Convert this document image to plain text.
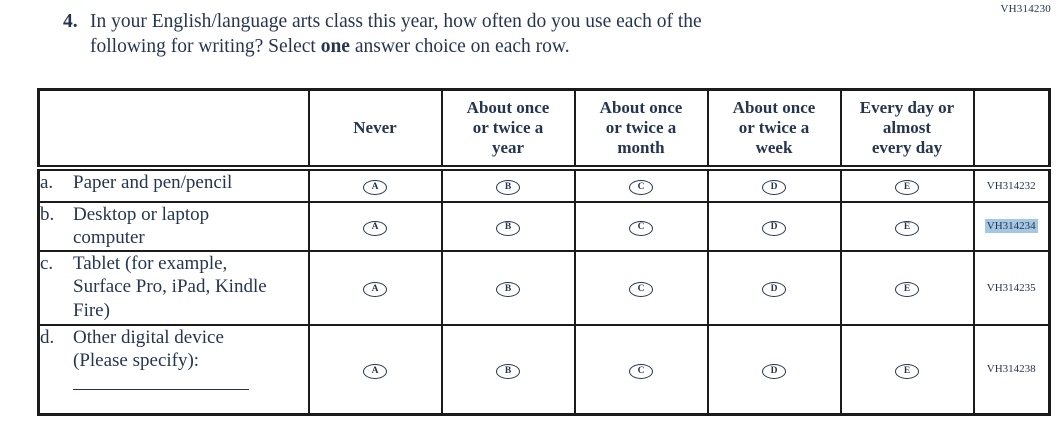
VH314230
4. In your English/language arts class this year, how often do you use each of the
following for writing? Select one answer choice on each row.
	Never	About once
or twice a
year	About once
or twice a
month	About once
or twice a
week	Every day or
almost
every day	

a. Paper and pen/pencil	A	B	C	D	E	VH314232

b. Desktop or laptop computer	A	B	C	D	E	VH314234

c. Tablet (for example, Surface Pro, iPad, Kindle Fire)	A	B	C	D	E	VH314235

d. Other digital device (Please specify):	A	B	C	D	E	VH314238
